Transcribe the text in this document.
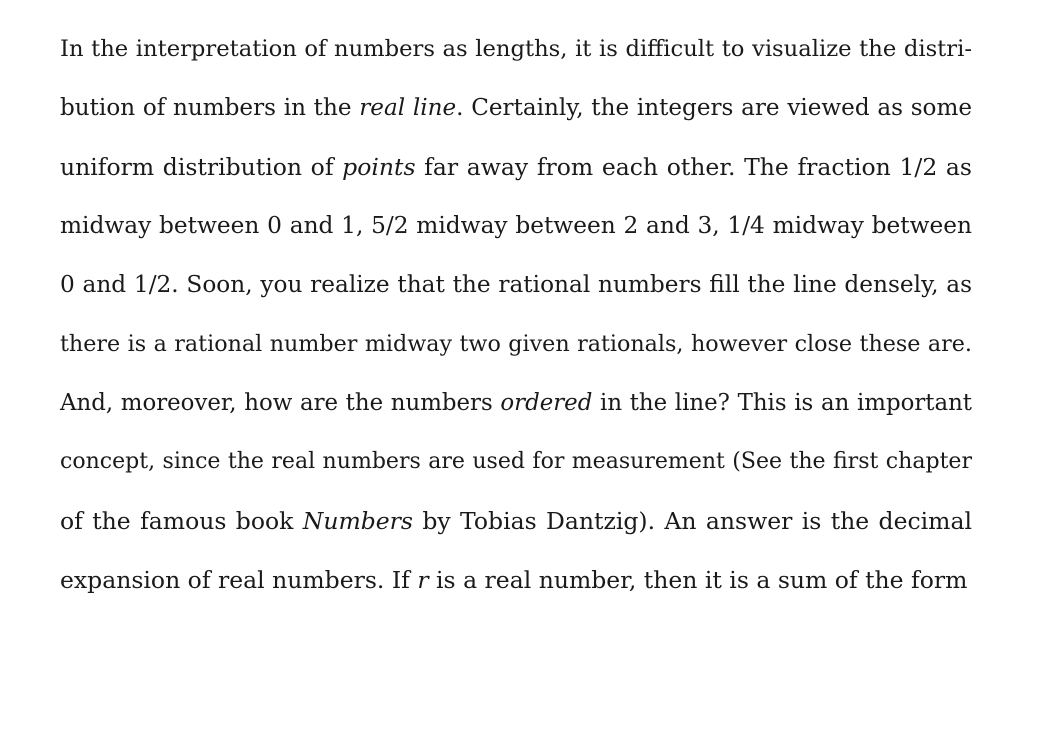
In the interpretation of numbers as lengths, it is difficult to visualize the distri-
bution of numbers in the real line. Certainly, the integers are viewed as some
uniform distribution of points far away from each other. The fraction 1/2 as
midway between 0 and 1, 5/2 midway between 2 and 3, 1/4 midway between
0 and 1/2. Soon, you realize that the rational numbers fill the line densely, as
there is a rational number midway two given rationals, however close these are.
And, moreover, how are the numbers ordered in the line? This is an important
concept, since the real numbers are used for measurement (See the first chapter
of the famous book Numbers by Tobias Dantzig). An answer is the decimal
expansion of real numbers. If r is a real number, then it is a sum of the form
